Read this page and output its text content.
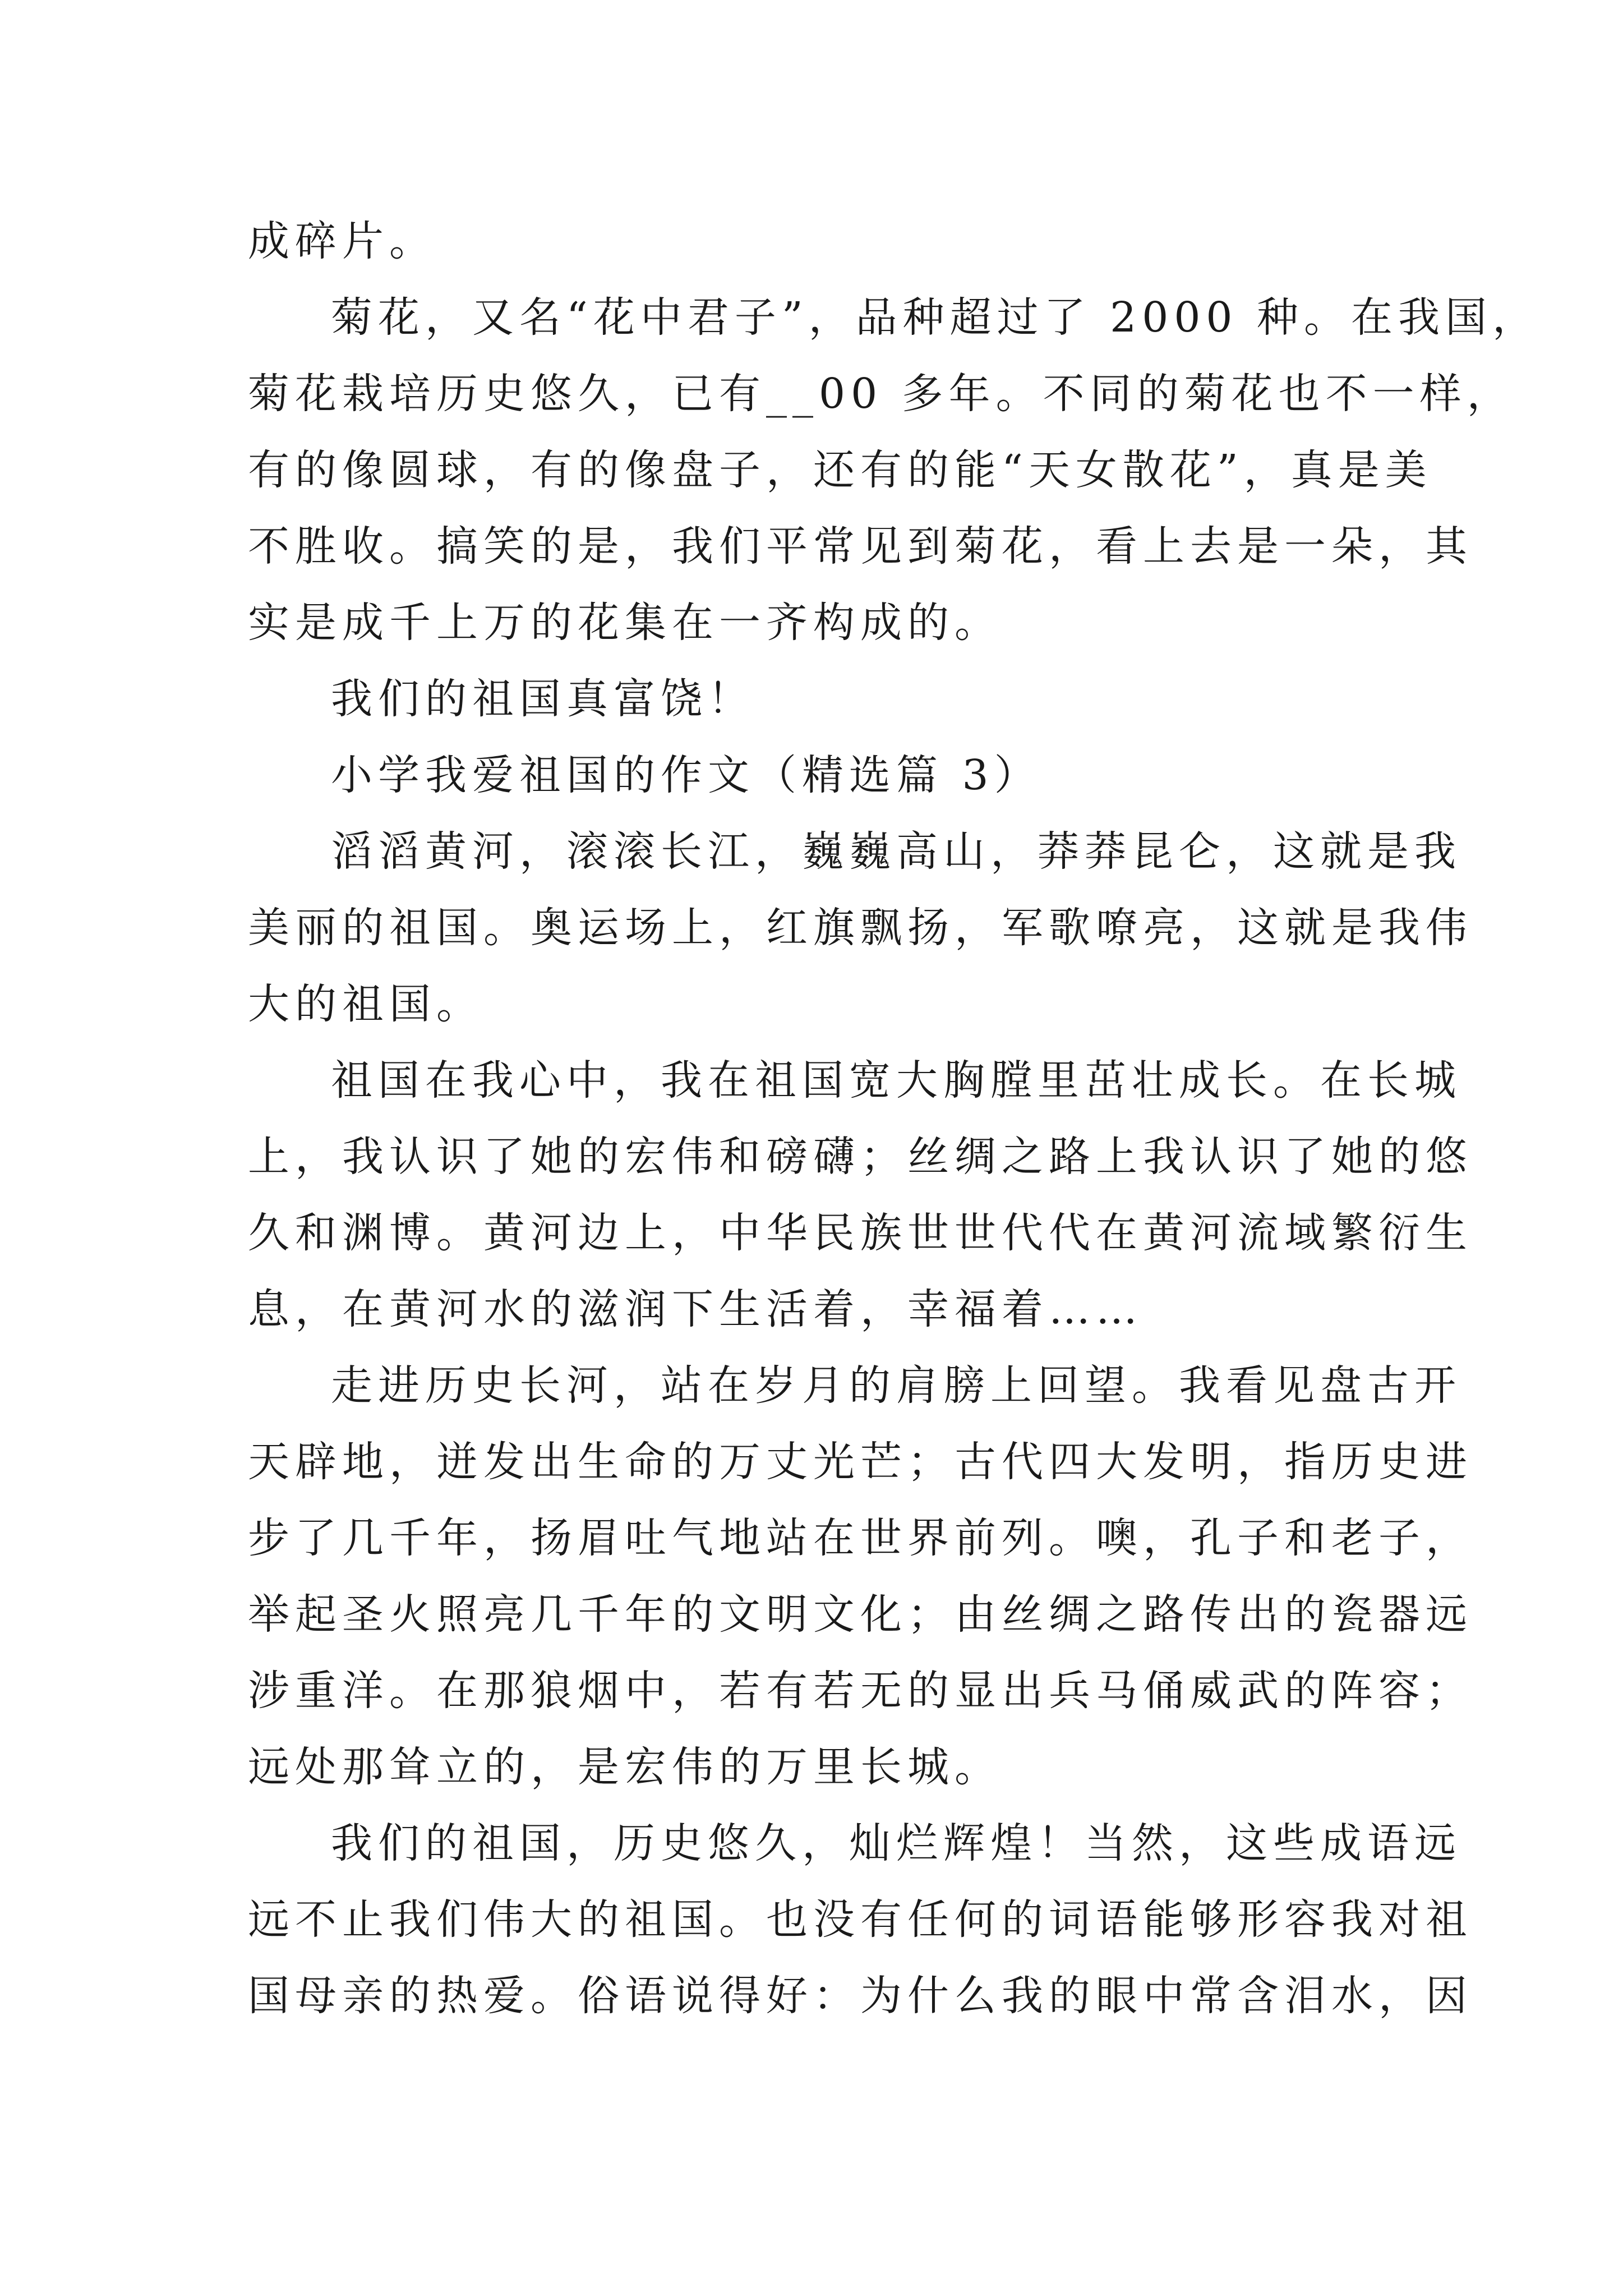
成碎片。
菊花，又名“花中君子”，品种超过了 2000 种。在我国，
菊花栽培历史悠久，已有__00 多年。不同的菊花也不一样，
有的像圆球，有的像盘子，还有的能“天女散花”，真是美
不胜收。搞笑的是，我们平常见到菊花，看上去是一朵，其
实是成千上万的花集在一齐构成的。
我们的祖国真富饶！
小学我爱祖国的作文（精选篇 3）
滔滔黄河，滚滚长江，巍巍高山，莽莽昆仑，这就是我
美丽的祖国。奥运场上，红旗飘扬，军歌嘹亮，这就是我伟
大的祖国。
祖国在我心中，我在祖国宽大胸膛里茁壮成长。在长城
上，我认识了她的宏伟和磅礴；丝绸之路上我认识了她的悠
久和渊博。黄河边上，中华民族世世代代在黄河流域繁衍生
息，在黄河水的滋润下生活着，幸福着……
走进历史长河，站在岁月的肩膀上回望。我看见盘古开
天辟地，迸发出生命的万丈光芒；古代四大发明，指历史进
步了几千年，扬眉吐气地站在世界前列。噢，孔子和老子，
举起圣火照亮几千年的文明文化；由丝绸之路传出的瓷器远
涉重洋。在那狼烟中，若有若无的显出兵马俑威武的阵容；
远处那耸立的，是宏伟的万里长城。
我们的祖国，历史悠久，灿烂辉煌！当然，这些成语远
远不止我们伟大的祖国。也没有任何的词语能够形容我对祖
国母亲的热爱。俗语说得好：为什么我的眼中常含泪水，因
